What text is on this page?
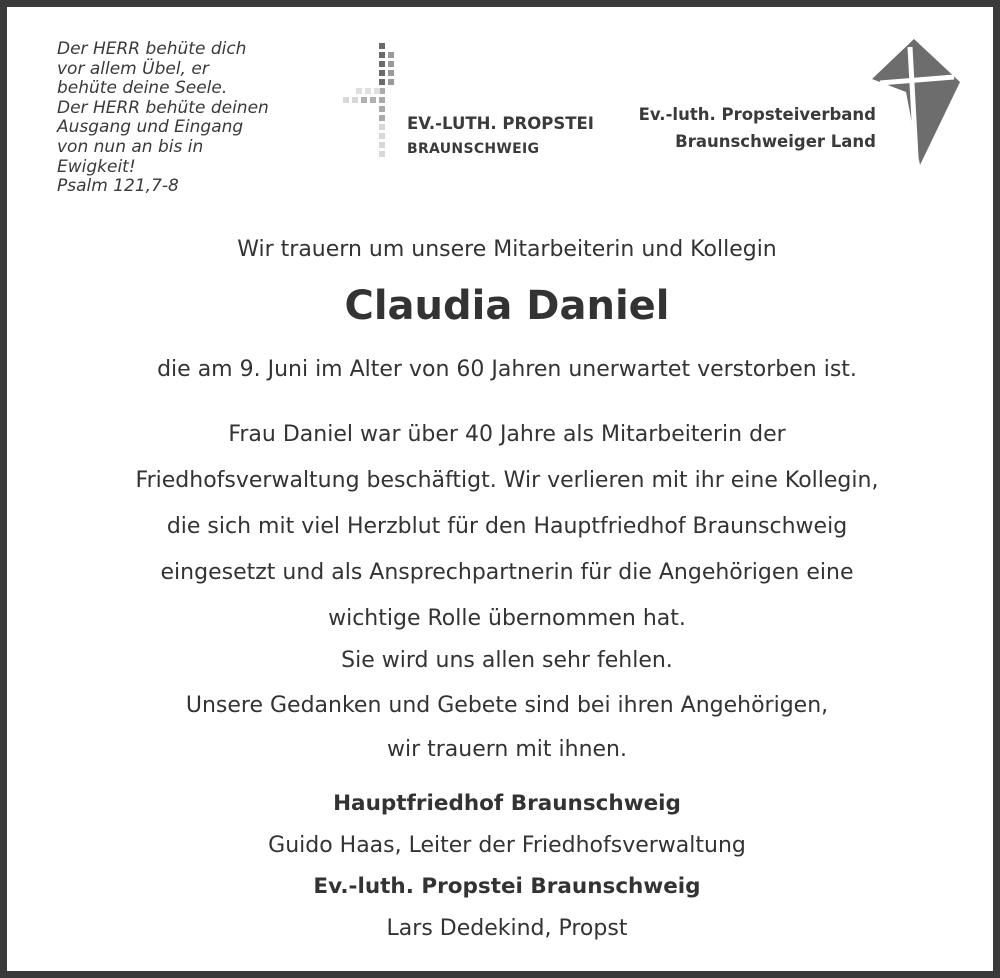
Der HERR behüte dich
vor allem Übel, er
behüte deine Seele.
Der HERR behüte deinen
Ausgang und Eingang
von nun an bis in
Ewigkeit!
Psalm 121,7-8
EV.-LUTH. PROPSTEI
BRAUNSCHWEIG
Ev.-luth. Propsteiverband
Braunschweiger Land
Wir trauern um unsere Mitarbeiterin und Kollegin
Claudia Daniel
die am 9. Juni im Alter von 60 Jahren unerwartet verstorben ist.
Frau Daniel war über 40 Jahre als Mitarbeiterin der
Friedhofsverwaltung beschäftigt. Wir verlieren mit ihr eine Kollegin,
die sich mit viel Herzblut für den Hauptfriedhof Braunschweig
eingesetzt und als Ansprechpartnerin für die Angehörigen eine
wichtige Rolle übernommen hat.
Sie wird uns allen sehr fehlen.
Unsere Gedanken und Gebete sind bei ihren Angehörigen,
wir trauern mit ihnen.
Hauptfriedhof Braunschweig
Guido Haas, Leiter der Friedhofsverwaltung
Ev.-luth. Propstei Braunschweig
Lars Dedekind, Propst
